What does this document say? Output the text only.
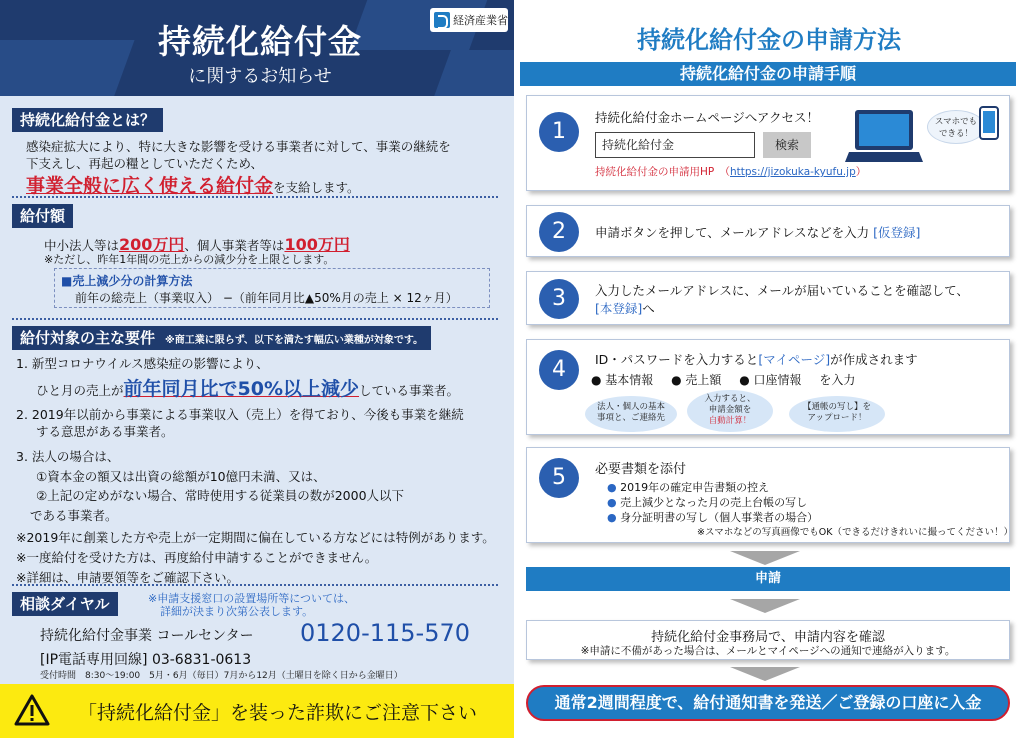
持続化給付金
に関するお知らせ
経済産業省
持続化給付金とは？
感染症拡大により、特に大きな影響を受ける事業者に対して、事業の継続を
下支えし、再起の糧としていただくため、
事業全般に広く使える給付金を支給します。
給付額
中小法人等は200万円、個人事業者等は100万円
※ただし、昨年1年間の売上からの減少分を上限とします。
■売上減少分の計算方法
前年の総売上（事業収入） −（前年同月比▲50%月の売上 × 12ヶ月）
給付対象の主な要件 ※商工業に限らず、以下を満たす幅広い業種が対象です。
1. 新型コロナウイルス感染症の影響により、
ひと月の売上が前年同月比で50%以上減少している事業者。
2. 2019年以前から事業による事業収入（売上）を得ており、今後も事業を継続
する意思がある事業者。
3. 法人の場合は、
①資本金の額又は出資の総額が10億円未満、又は、
②上記の定めがない場合、常時使用する従業員の数が2000人以下
である事業者。
※2019年に創業した方や売上が一定期間に偏在している方などには特例があります。
※一度給付を受けた方は、再度給付申請することができません。
※詳細は、申請要領等をご確認下さい。
相談ダイヤル	※申請支援窓口の設置場所等については、
詳細が決まり次第公表します。
持続化給付金事業 コールセンター 0120-115-570
[IP電話専用回線] 03-6831-0613
受付時間　8:30〜19:00　5月・6月（毎日）7月から12月（土曜日を除く日から金曜日）
「持続化給付金」を装った詐欺にご注意下さい
持続化給付金の申請方法
持続化給付金の申請手順
1
持続化給付金ホームページへアクセス！
持続化給付金	検索
持続化給付金の申請用HP　（https://jizokuka-kyufu.jp）
スマホでも
できる！
2	申請ボタンを押して、メールアドレスなどを入力 [仮登録]
3	入力したメールアドレスに、メールが届いていることを確認して、
[本登録]へ
4	ID・パスワードを入力すると[マイページ]が作成されます
● 基本情報 ● 売上額 ● 口座情報 を入力
法人・個人の基本
事項と、ご連絡先
入力すると、
申請金額を
自動計算！
【通帳の写し】を
アップロード！
5	必要書類を添付
● 2019年の確定申告書類の控え
● 売上減少となった月の売上台帳の写し
● 身分証明書の写し（個人事業者の場合）
※スマホなどの写真画像でもOK（できるだけきれいに撮ってください！）
申請
持続化給付金事務局で、申請内容を確認
※申請に不備があった場合は、メールとマイページへの通知で連絡が入ります。
通常2週間程度で、給付通知書を発送／ご登録の口座に入金
